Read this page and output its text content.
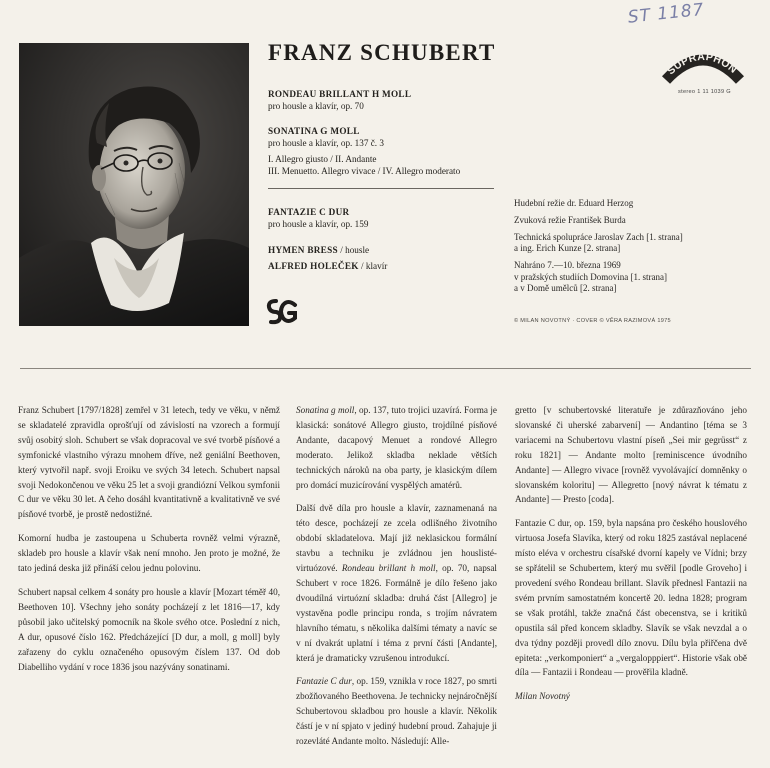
ST 1187
FRANZ SCHUBERT
SUPRAPHON
stereo 1 11 1039 G
RONDEAU BRILLANT H MOLL
pro housle a klavír, op. 70
SONATINA G MOLL
pro housle a klavír, op. 137 č. 3
I. Allegro giusto / II. Andante
III. Menuetto. Allegro vivace / IV. Allegro moderato
FANTAZIE C DUR
pro housle a klavír, op. 159
HYMEN BRESS / housle
ALFRED HOLEČEK / klavír

Hudební režie dr. Eduard Herzog

Zvuková režie František Burda

Technická spolupráce Jaroslav Zach [1. strana]
a ing. Erich Kunze [2. strana]

Nahráno 7.—10. března 1969
v pražských studiích Domovina [1. strana]
a v Domě umělců [2. strana]

© MILAN NOVOTNÝ · COVER © VĚRA RAZIMOVÁ 1975

Franz Schubert [1797/1828] zemřel v 31 letech, tedy ve věku, v němž se skladatelé zpravidla oprošťují od závislostí na vzorech a formují svůj osobitý sloh. Schubert se však dopracoval ve své tvorbě písňové a symfonické vlastního výrazu mnohem dříve, než geniální Beethoven, který vytvořil např. svoji Eroiku ve svých 34 letech. Schubert napsal svoji Nedokončenou ve věku 25 let a svoji grandiózní Velkou symfonii C dur ve věku 30 let. A čeho dosáhl kvantitativně a kvalitativně ve své písňové tvorbě, je prostě nedostižné.

Komorní hudba je zastoupena u Schuberta rovněž velmi výrazně, skladeb pro housle a klavír však není mnoho. Jen proto je možné, že tato jediná deska již přináší celou jednu polovinu.

Schubert napsal celkem 4 sonáty pro housle a klavír [Mozart téměř 40, Beethoven 10]. Všechny jeho sonáty pocházejí z let 1816—17, kdy působil jako učitelský pomocník na škole svého otce. Poslední z nich, A dur, opusové číslo 162. Předcházející [D dur, a moll, g moll] byly zařazeny do cyklu označeného opusovým číslem 137. Od dob Diabelliho vydání v roce 1836 jsou nazývány sonatinami.

Sonatina g moll, op. 137, tuto trojici uzavírá. Forma je klasická: sonátové Allegro giusto, trojdílné písňové Andante, dacapový Menuet a rondové Allegro moderato. Jelikož skladba neklade větších technických nároků na oba party, je klasickým dílem pro domácí muzicírování vyspělých amatérů.

Další dvě díla pro housle a klavír, zaznamenaná na této desce, pocházejí ze zcela odlišného životního období skladatelova. Mají již neklasickou formální stavbu a techniku je zvládnou jen houslisté-virtuózové. Rondeau brillant h moll, op. 70, napsal Schubert v roce 1826. Formálně je dílo řešeno jako dvoudílná virtuózní skladba: druhá část [Allegro] je vystavěna podle principu ronda, s trojím návratem hlavního tématu, s několika dalšími tématy a navíc se v ní dvakrát uplatní i téma z první části [Andante], která je dramaticky vzrušenou introdukcí.

Fantazie C dur, op. 159, vznikla v roce 1827, po smrti zbožňovaného Beethovena. Je technicky nejnáročnější Schubertovou skladbou pro housle a klavír. Několik částí je v ní spjato v jediný hudební proud. Zahajuje ji rozevláté Andante molto. Následují: Alle-

gretto [v schubertovské literatuře je zdůrazňováno jeho slovanské či uherské zabarvení] — Andantino [téma se 3 variacemi na Schubertovu vlastní píseň „Sei mir gegrüsst“ z roku 1821] — Andante molto [reminiscence úvodního Andante] — Allegro vivace [rovněž vyvolávající domněnky o slovanském koloritu] — Allegretto [nový návrat k tématu z Andante] — Presto [coda].

Fantazie C dur, op. 159, byla napsána pro českého houslového virtuosa Josefa Slavíka, který od roku 1825 zastával neplacené místo eléva v orchestru císařské dvorní kapely ve Vídni; brzy se spřátelil se Schubertem, který mu svěřil [podle Groveho] i provedení svého Rondeau brillant. Slavík přednesl Fantazii na svém prvním samostatném koncertě 20. ledna 1828; program se však protáhl, takže značná část obecenstva, se i kritiků opustila sál před koncem skladby. Slavík se však nevzdal a o dva týdny později provedl dílo znovu. Dílu byla přiřčena dvě epiteta: „verkomponiert“ a „vergalopppiert“. Historie však obě díla — Fantazii i Rondeau — prověřila kladně.

Milan Novotný
